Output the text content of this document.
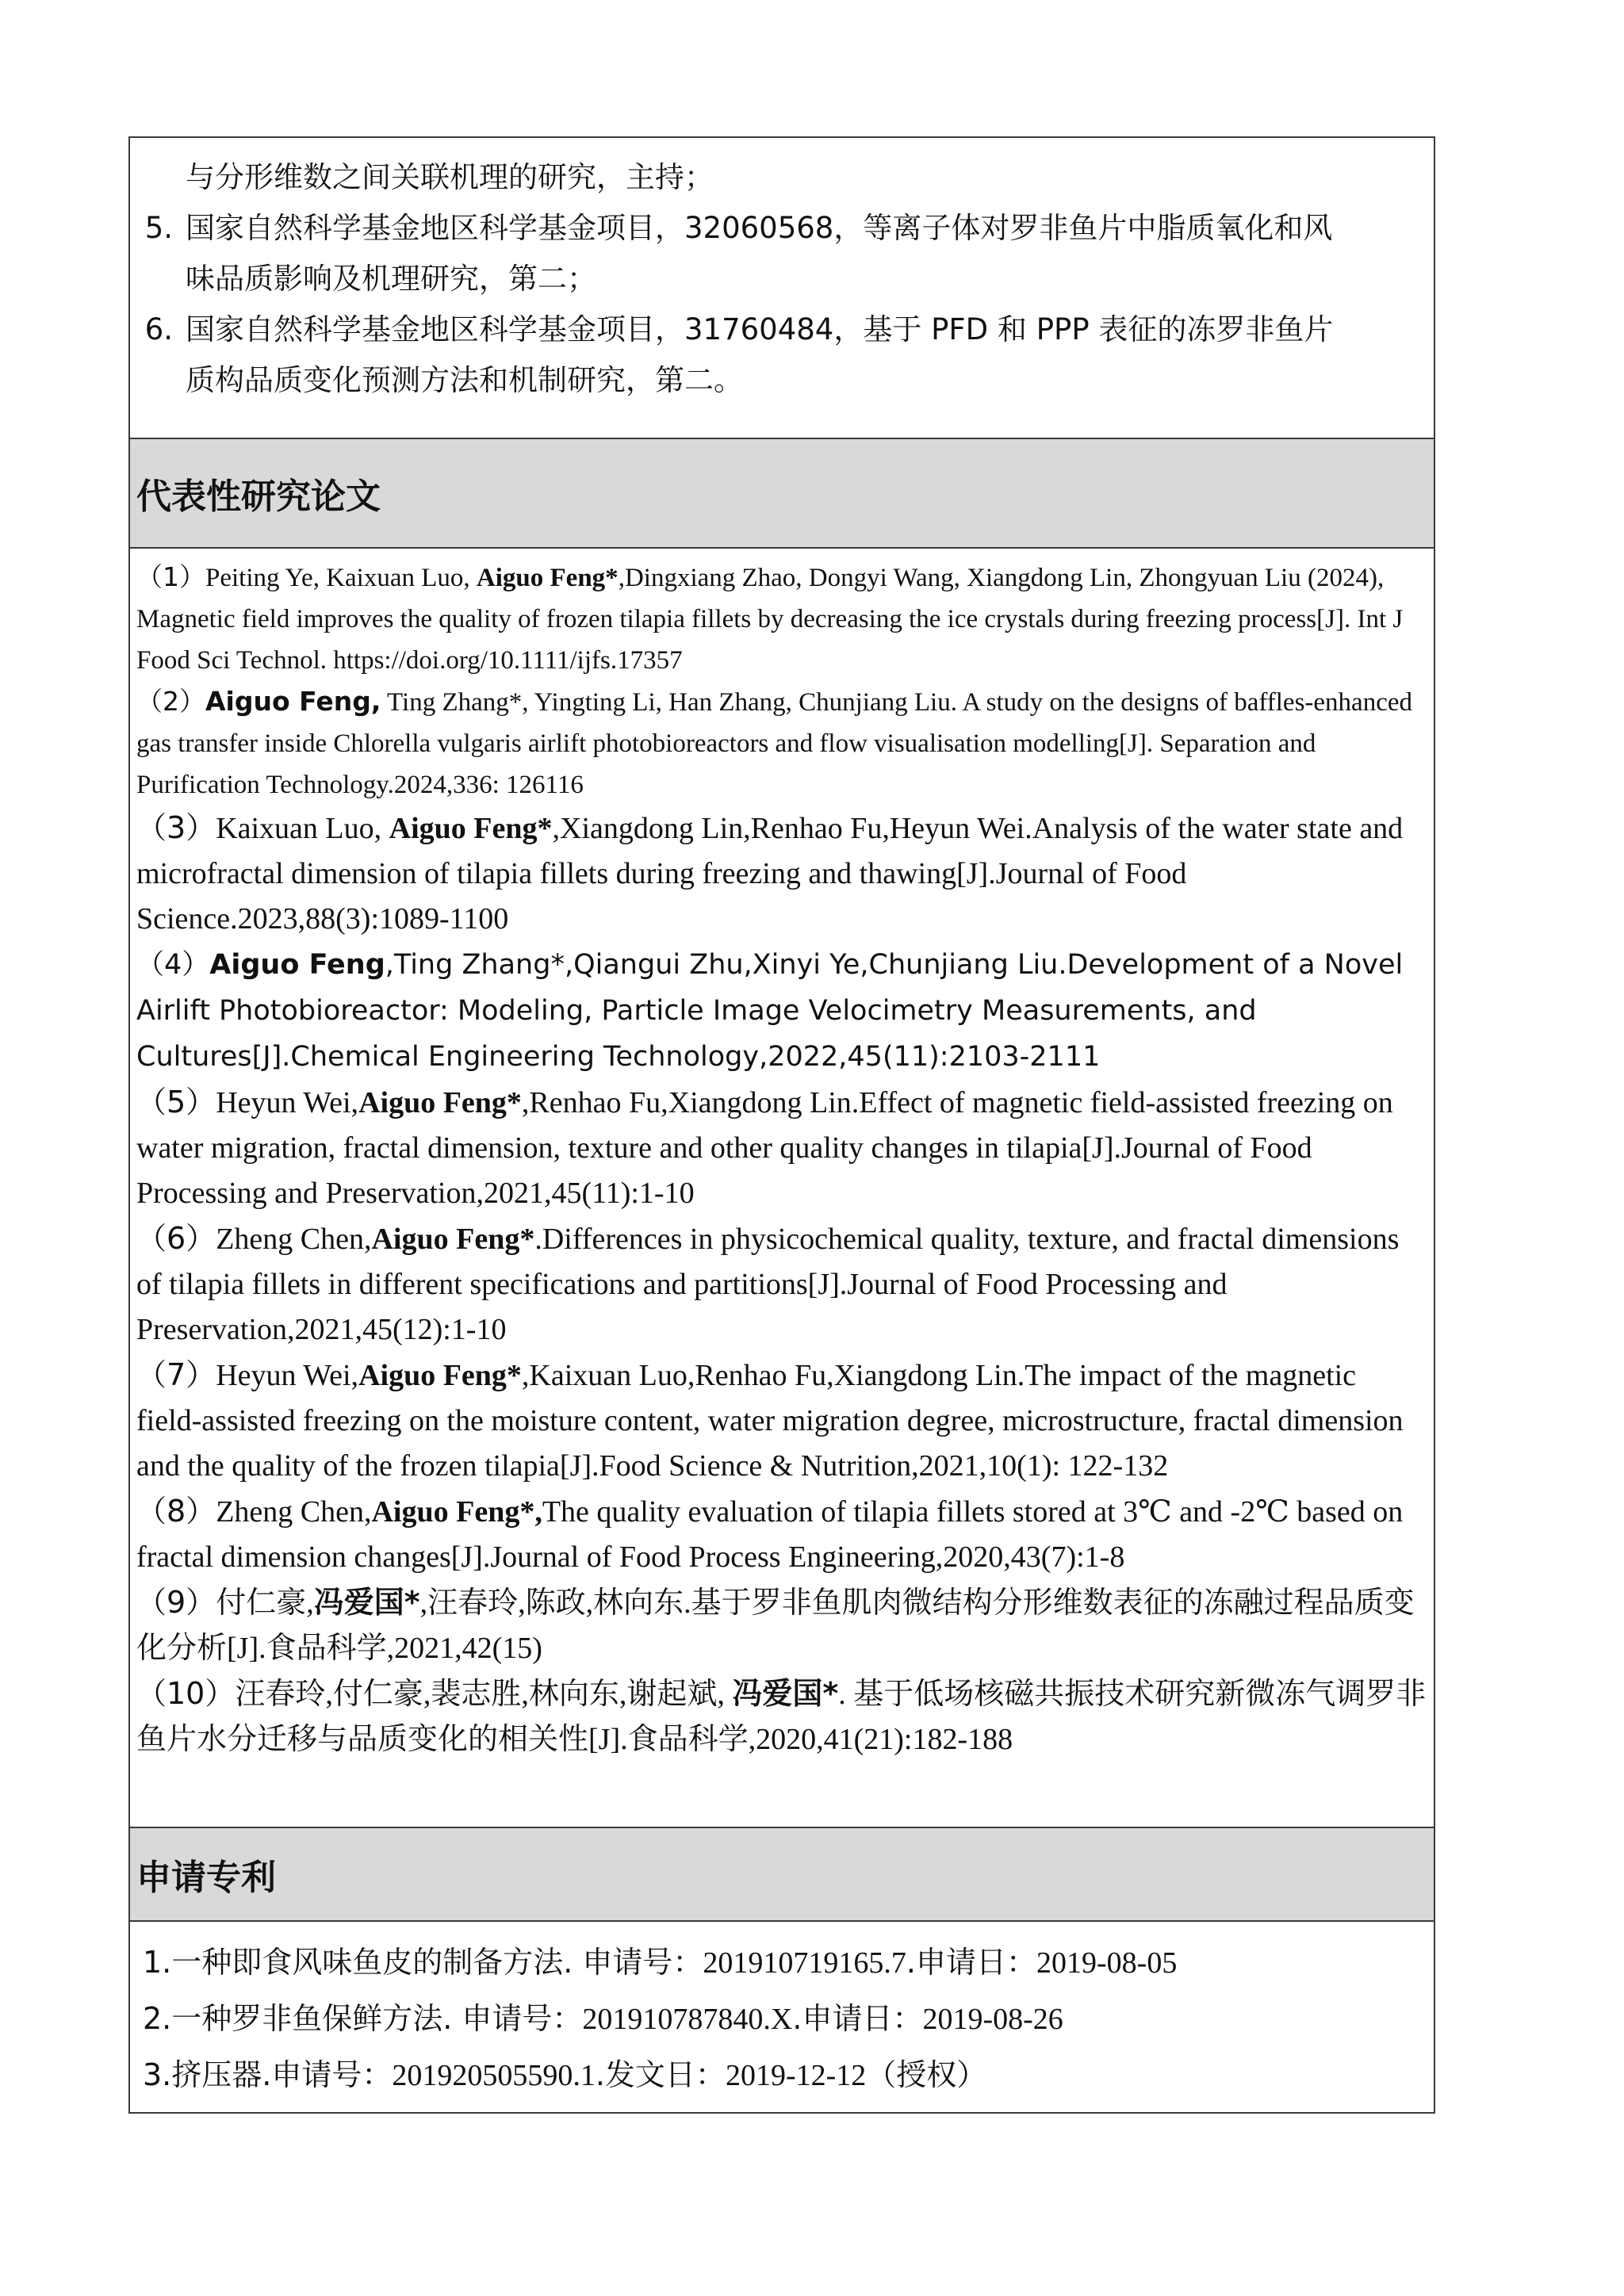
与分形维数之间关联机理的研究，主持；
5. 国家自然科学基金地区科学基金项目，32060568，等离子体对罗非鱼片中脂质氧化和风
味品质影响及机理研究，第二；
6. 国家自然科学基金地区科学基金项目，31760484，基于 PFD 和 PPP 表征的冻罗非鱼片
质构品质变化预测方法和机制研究，第二。
代表性研究论文

（1）Peiting Ye, Kaixuan Luo, Aiguo Feng*,Dingxiang Zhao, Dongyi Wang, Xiangdong Lin, Zhongyuan Liu (2024), Magnetic field improves the quality of frozen tilapia fillets by decreasing the ice crystals during freezing process[J]. Int J Food Sci Technol. https://doi.org/10.1111/ijfs.17357

（2）Aiguo Feng, Ting Zhang*, Yingting Li, Han Zhang, Chunjiang Liu. A study on the designs of baffles-enhanced gas transfer inside Chlorella vulgaris airlift photobioreactors and flow visualisation modelling[J]. Separation and Purification Technology.2024,336: 126116

（3）Kaixuan Luo, Aiguo Feng*,Xiangdong Lin,Renhao Fu,Heyun Wei.Analysis of the water state and microfractal dimension of tilapia fillets during freezing and thawing[J].Journal of Food Science.2023,88(3):1089-1100

（4）Aiguo Feng,Ting Zhang*,Qiangui Zhu,Xinyi Ye,Chunjiang Liu.Development of a Novel Airlift Photobioreactor: Modeling, Particle Image Velocimetry Measurements, and Cultures[J].Chemical Engineering Technology,2022,45(11):2103-2111

（5）Heyun Wei,Aiguo Feng*,Renhao Fu,Xiangdong Lin.Effect of magnetic field-assisted freezing on water migration, fractal dimension, texture and other quality changes in tilapia[J].Journal of Food Processing and Preservation,2021,45(11):1-10

（6）Zheng Chen,Aiguo Feng*.Differences in physicochemical quality, texture, and fractal dimensions of tilapia fillets in different specifications and partitions[J].Journal of Food Processing and Preservation,2021,45(12):1-10

（7）Heyun Wei,Aiguo Feng*,Kaixuan Luo,Renhao Fu,Xiangdong Lin.The impact of the magnetic field-assisted freezing on the moisture content, water migration degree, microstructure, fractal dimension and the quality of the frozen tilapia[J].Food Science & Nutrition,2021,10(1): 122-132

（8）Zheng Chen,Aiguo Feng*,The quality evaluation of tilapia fillets stored at 3℃ and -2℃ based on fractal dimension changes[J].Journal of Food Process Engineering,2020,43(7):1-8

（9）付仁豪,冯爱国*,汪春玲,陈政,林向东.基于罗非鱼肌肉微结构分形维数表征的冻融过程品质变化分析[J].食品科学,2021,42(15)

（10）汪春玲,付仁豪,裴志胜,林向东,谢起斌, 冯爱国*. 基于低场核磁共振技术研究新微冻气调罗非鱼片水分迁移与品质变化的相关性[J].食品科学,2020,41(21):182-188

申请专利
1.一种即食风味鱼皮的制备方法. 申请号：201910719165.7.申请日：2019-08-05
2.一种罗非鱼保鲜方法. 申请号：201910787840.X.申请日：2019-08-26
3.挤压器.申请号：201920505590.1.发文日：2019-12-12（授权）
